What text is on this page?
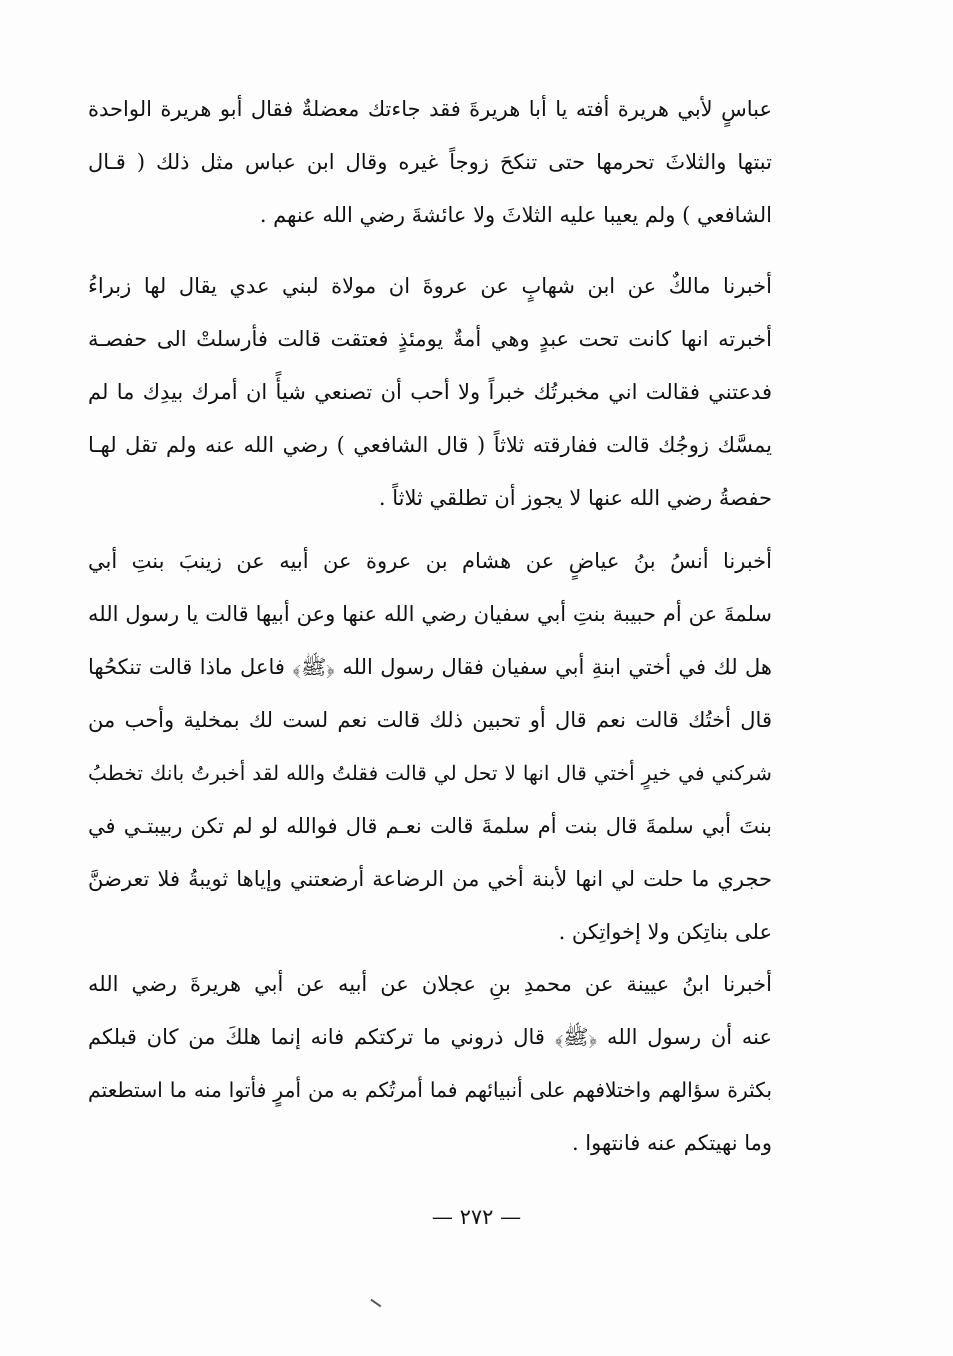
عباسٍ لأبي هريرة أفته يا أبا هريرةَ فقد جاءتك معضلةٌ فقال أبو هريرة الواحدة
تبتها والثلاثَ تحرمها حتى تنكحَ زوجاً غيره وقال ابن عباس مثل ذلك ( قـال
الشافعي ) ولم يعيبا عليه الثلاثَ ولا عائشةَ رضي الله عنهم .
أخبرنا مالكٌ عن ابن شهابٍ عن عروةَ ان مولاة لبني عدي يقال لها زبراءُ
أخبرته انها كانت تحت عبدٍ وهي أمةٌ يومئذٍ فعتقت قالت فأرسلتْ الى حفصـة
فدعتني فقالت اني مخبرتُك خبراً ولا أحب أن تصنعي شيأً ان أمرك بيدِك ما لم
يمسَّك زوجُك قالت ففارقته ثلاثاً ( قال الشافعي ) رضي الله عنه ولم تقل لهـا
حفصةُ رضي الله عنها لا يجوز أن تطلقي ثلاثاً .
أخبرنا أنسُ بنُ عياضٍ عن هشام بن عروة عن أبيه عن زينبَ بنتِ أبي
سلمةَ عن أم حبيبة بنتِ أبي سفيان رضي الله عنها وعن أبيها قالت يا رسول الله
هل لك في أختي ابنةِ أبي سفيان فقال رسول الله ﴿ﷺ﴾ فاعل ماذا قالت تنكحُها
قال أختُك قالت نعم قال أو تحبين ذلك قالت نعم لست لك بمخلية وأحب من
شركني في خيرٍ أختي قال انها لا تحل لي قالت فقلتُ والله لقد أخبرتُ بانك تخطبُ
بنتَ أبي سلمةَ قال بنت أم سلمةَ قالت نعـم قال فوالله لو لم تكن ربيبتـي في
حجري ما حلت لي انها لأبنة أخي من الرضاعة أرضعتني وإياها ثويبةُ فلا تعرضنَّ
على بناتِكن ولا إخواتِكن .
أخبرنا ابنُ عيينة عن محمدِ بنِ عجلان عن أبيه عن أبي هريرةَ رضي الله
عنه أن رسول الله ﴿ﷺ﴾ قال ذروني ما تركتكم فانه إنما هلكَ من كان قبلكم
بكثرة سؤالهم واختلافهم على أنبيائهم فما أمرتُكم به من أمرٍ فأتوا منه ما استطعتم
وما نهيتكم عنه فانتهوا .
— ٢٧٢ —
